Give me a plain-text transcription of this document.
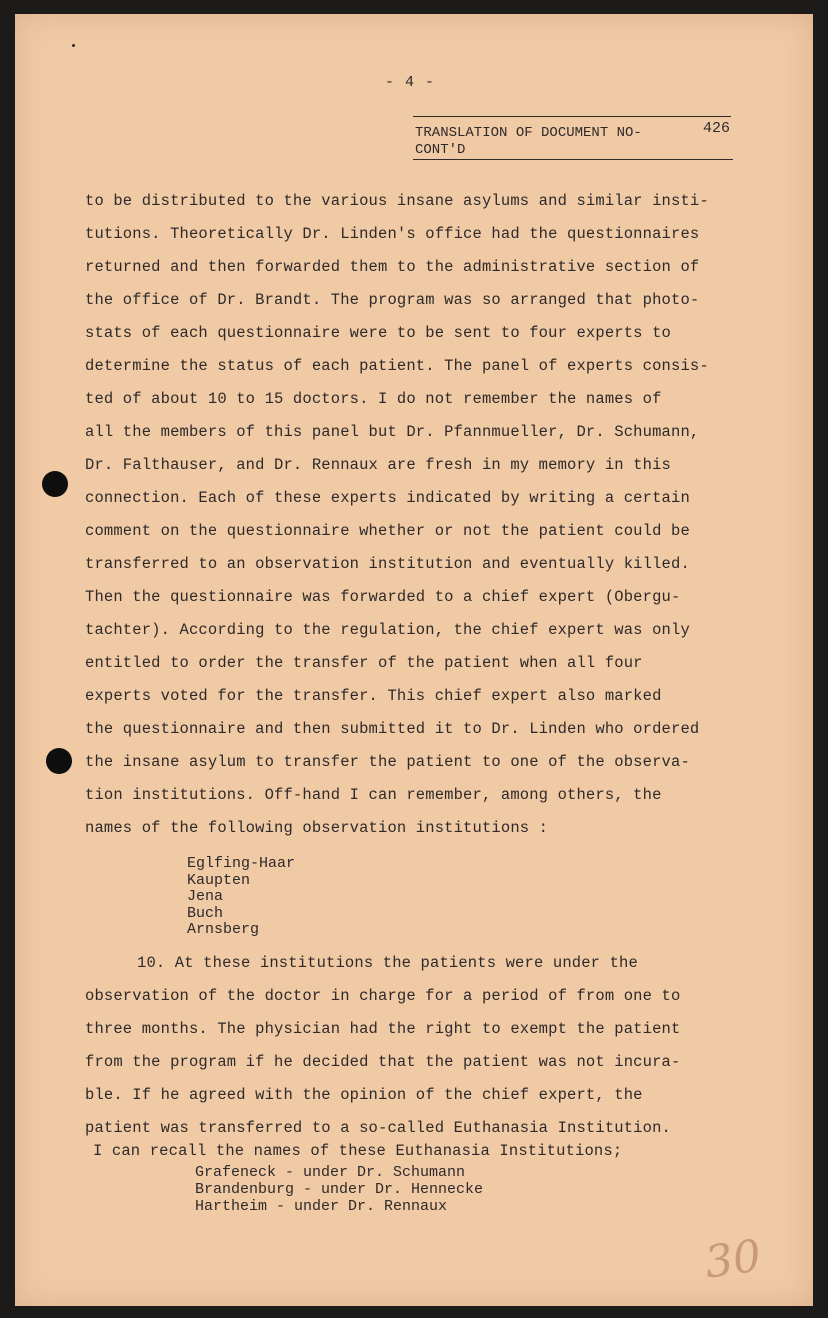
- 4 -
TRANSLATION OF DOCUMENT NO-	426
CONT'D
to be distributed to the various insane asylums and similar insti-
tutions. Theoretically Dr. Linden's office had the questionnaires
returned and then forwarded them to the administrative section of
the office of Dr. Brandt. The program was so arranged that photo-
stats of each questionnaire were to be sent to four experts to
determine the status of each patient. The panel of experts consis-
ted of about 10 to 15 doctors. I do not remember the names of
all the members of this panel but Dr. Pfannmueller, Dr. Schumann,
Dr. Falthauser, and Dr. Rennaux are fresh in my memory in this
connection. Each of these experts indicated by writing a certain
comment on the questionnaire whether or not the patient could be
transferred to an observation institution and eventually killed.
Then the questionnaire was forwarded to a chief expert (Obergu-
tachter). According to the regulation, the chief expert was only
entitled to order the transfer of the patient when all four
experts voted for the transfer. This chief expert also marked
the questionnaire and then submitted it to Dr. Linden who ordered
the insane asylum to transfer the patient to one of the observa-
tion institutions. Off-hand I can remember, among others, the
names of the following observation institutions :
Eglfing-Haar
Kaupten
Jena
Buch
Arnsberg
10. At these institutions the patients were under the
observation of the doctor in charge for a period of from one to
three months. The physician had the right to exempt the patient
from the program if he decided that the patient was not incura-
ble. If he agreed with the opinion of the chief expert, the
patient was transferred to a so-called Euthanasia Institution.
I can recall the names of these Euthanasia Institutions;
Grafeneck - under Dr. Schumann
Brandenburg - under Dr. Hennecke
Hartheim - under Dr. Rennaux
30
